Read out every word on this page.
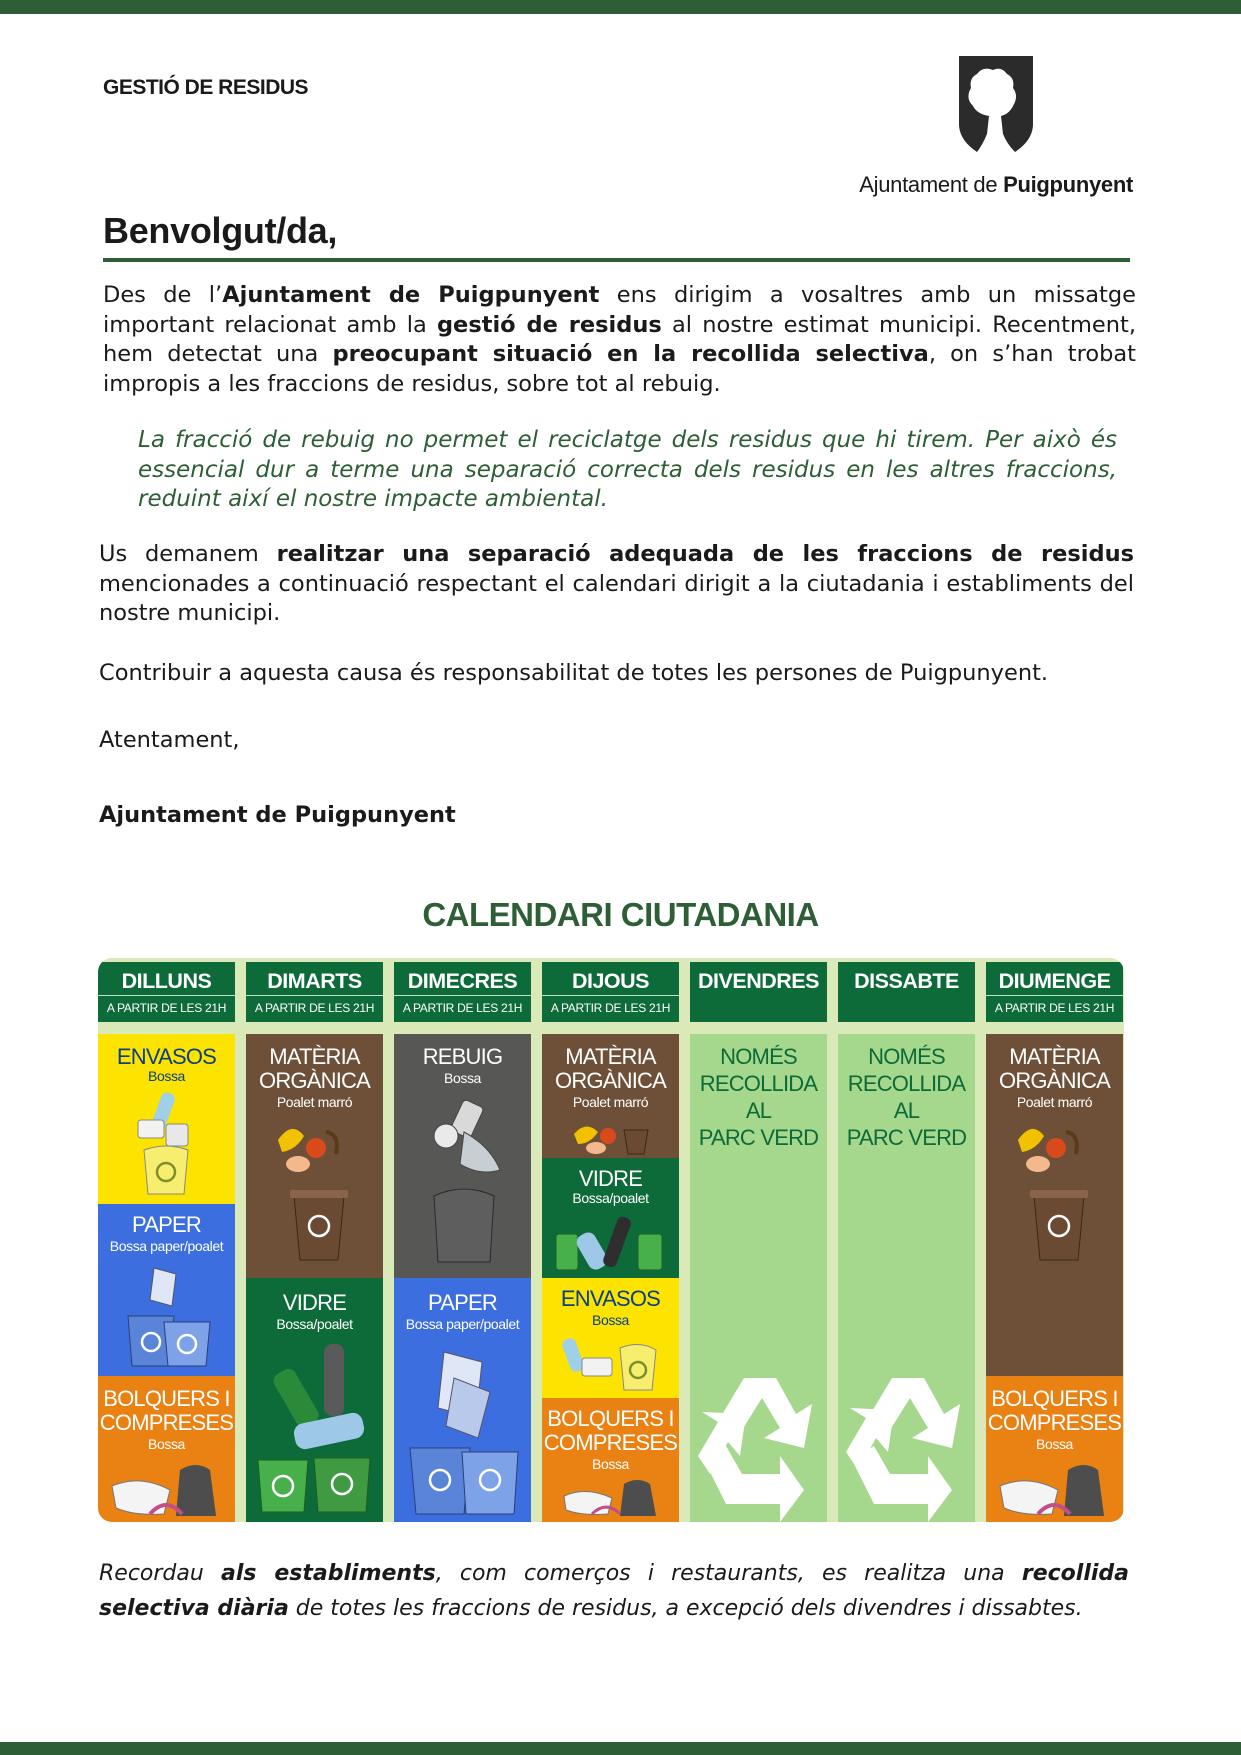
GESTIÓ DE RESIDUS
Ajuntament de Puigpunyent
Benvolgut/da,
Des de l’Ajuntament de Puigpunyent ens dirigim a vosaltres amb un missatge important relacionat amb la gestió de residus al nostre estimat municipi. Recentment, hem detectat una preocupant situació en la recollida selectiva, on s’han trobat impropis a les fraccions de residus, sobre tot al rebuig.
La fracció de rebuig no permet el reciclatge dels residus que hi tirem. Per això és essencial dur a terme una separació correcta dels residus en les altres fraccions, reduint així el nostre impacte ambiental.
Us demanem realitzar una separació adequada de les fraccions de residus mencionades a continuació respectant el calendari dirigit a la ciutadania i establiments del nostre municipi.
Contribuir a aquesta causa és responsabilitat de totes les persones de Puigpunyent.
Atentament,
Ajuntament de Puigpunyent
CALENDARI CIUTADANIA
DILLUNS
A PARTIR DE LES 21H
ENVASOS
Bossa
PAPER
Bossa paper/poalet
BOLQUERS I
COMPRESES
Bossa
DIMARTS
A PARTIR DE LES 21H
MATÈRIA
ORGÀNICA
Poalet marró
VIDRE
Bossa/poalet
DIMECRES
A PARTIR DE LES 21H
REBUIG
Bossa
PAPER
Bossa paper/poalet
DIJOUS
A PARTIR DE LES 21H
MATÈRIA
ORGÀNICA
Poalet marró
VIDRE
Bossa/poalet
ENVASOS
Bossa
BOLQUERS I
COMPRESES
Bossa
DIVENDRES
NOMÉS
RECOLLIDA
AL
PARC VERD
DISSABTE
NOMÉS
RECOLLIDA
AL
PARC VERD
DIUMENGE
A PARTIR DE LES 21H
MATÈRIA
ORGÀNICA
Poalet marró
BOLQUERS I
COMPRESES
Bossa
Recordau als establiments, com comerços i restaurants, es realitza una recollida selectiva diària de totes les fraccions de residus, a excepció dels divendres i dissabtes.
